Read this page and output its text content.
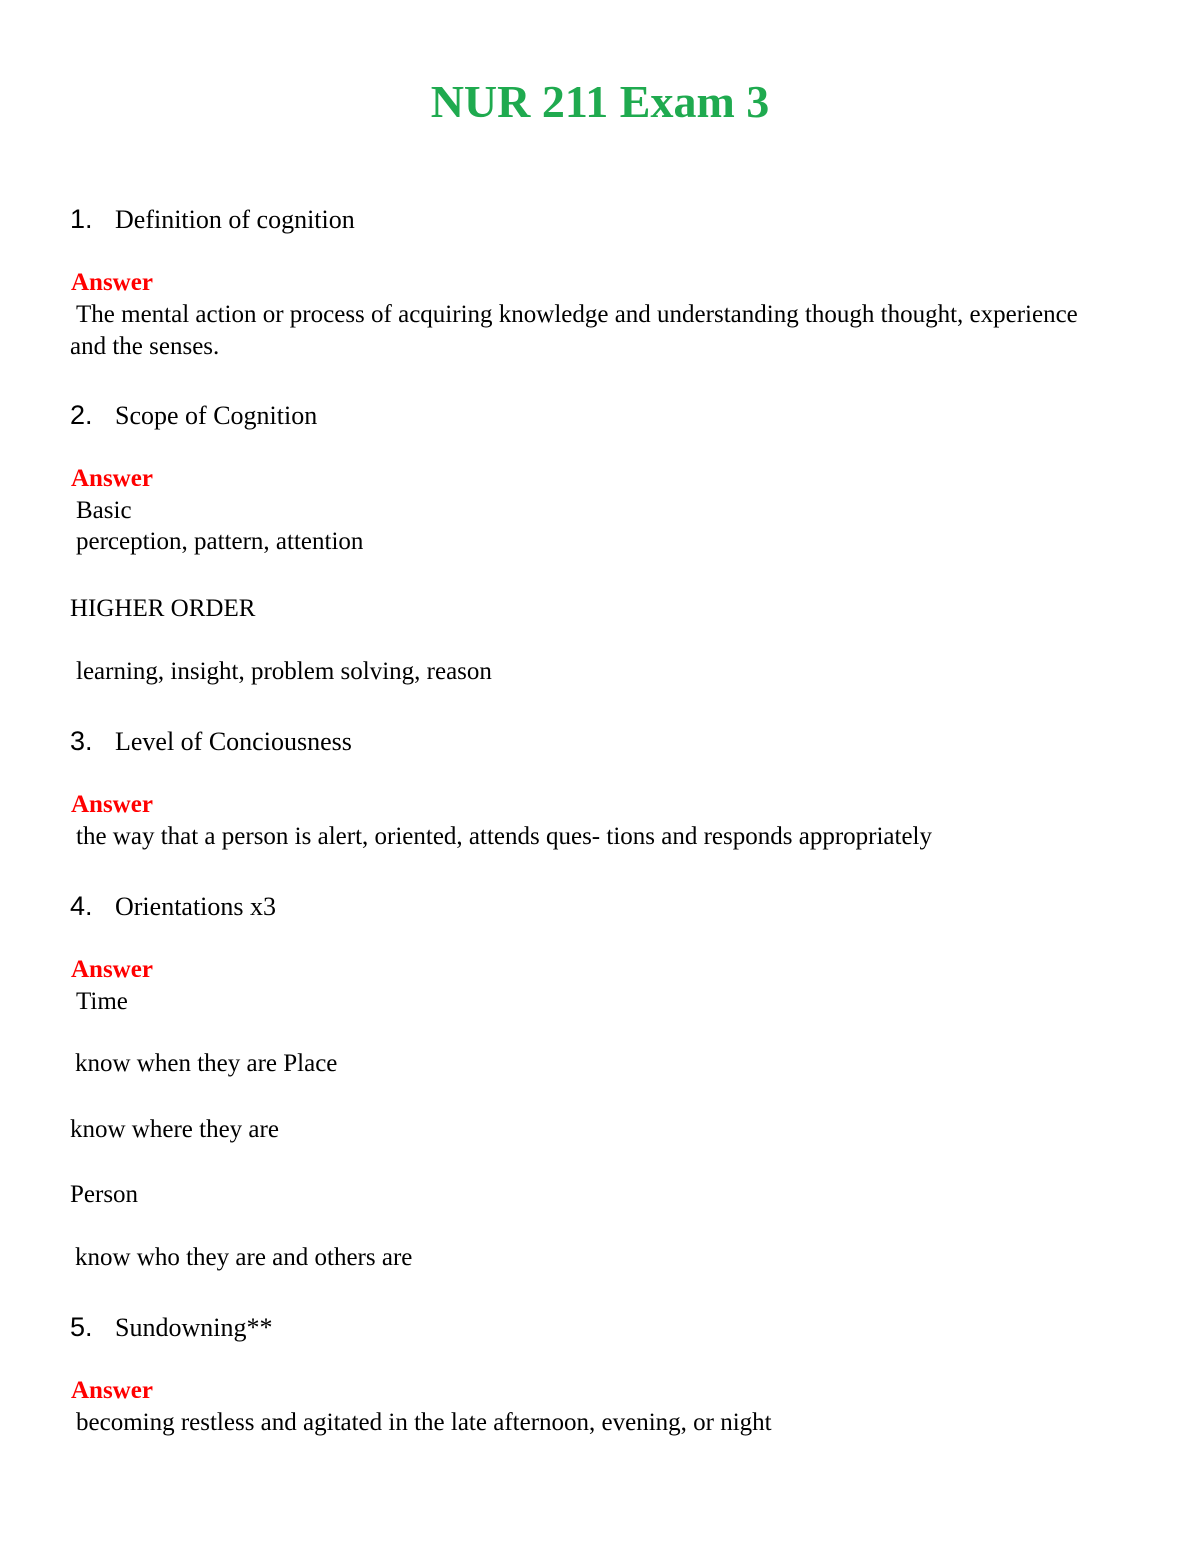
NUR 211 Exam 3
1. Definition of cognition
Answer
The mental action or process of acquiring knowledge and understanding though thought, experience and the senses.
2. Scope of Cognition
Answer
Basic
perception, pattern, attention
HIGHER ORDER
learning, insight, problem solving, reason
3. Level of Conciousness
Answer
the way that a person is alert, oriented, attends ques- tions and responds appropriately
4. Orientations x3
Answer
Time
know when they are Place
know where they are
Person
know who they are and others are
5. Sundowning**
Answer
becoming restless and agitated in the late afternoon, evening, or night
